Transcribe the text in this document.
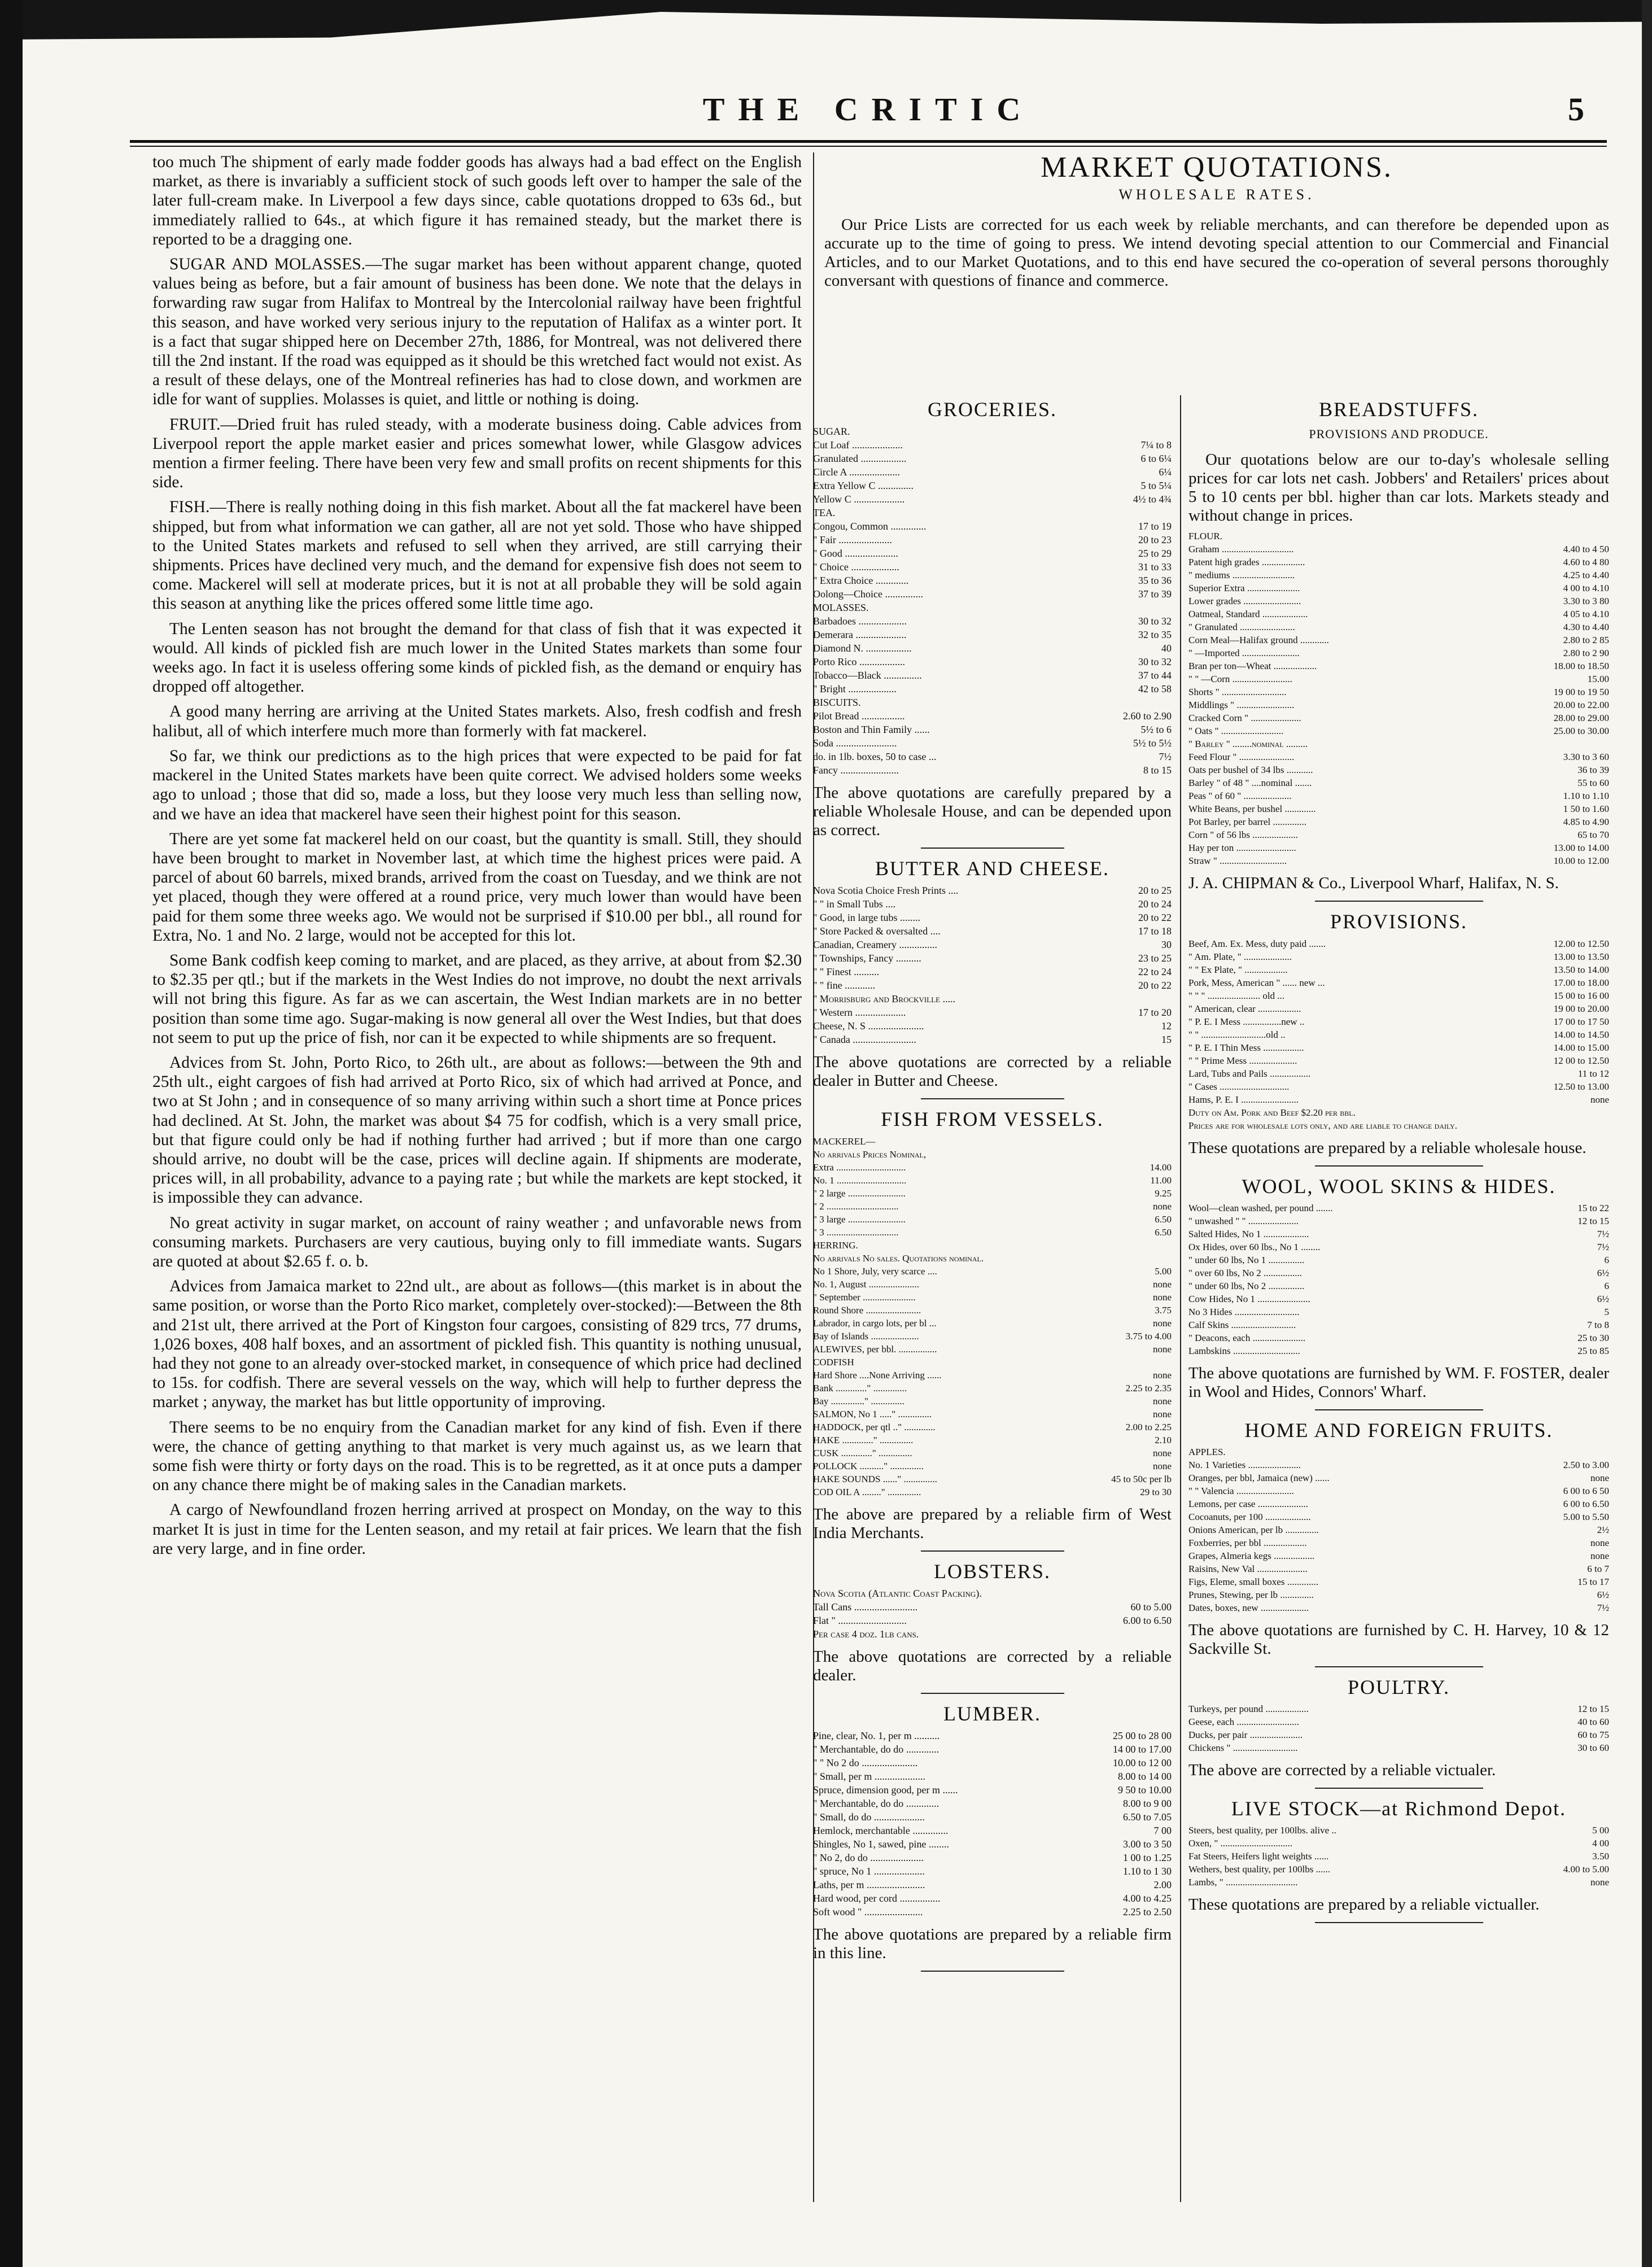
THE CRITIC	5

too much The shipment of early made fodder goods has always had a bad effect on the English market, as there is invariably a sufficient stock of such goods left over to hamper the sale of the later full-cream make. In Liverpool a few days since, cable quotations dropped to 63s 6d., but immediately rallied to 64s., at which figure it has remained steady, but the market there is reported to be a dragging one.

SUGAR AND MOLASSES.—The sugar market has been without apparent change, quoted values being as before, but a fair amount of business has been done. We note that the delays in forwarding raw sugar from Halifax to Montreal by the Intercolonial railway have been frightful this season, and have worked very serious injury to the reputation of Halifax as a winter port. It is a fact that sugar shipped here on December 27th, 1886, for Montreal, was not delivered there till the 2nd instant. If the road was equipped as it should be this wretched fact would not exist. As a result of these delays, one of the Montreal refineries has had to close down, and workmen are idle for want of supplies. Molasses is quiet, and little or nothing is doing.

FRUIT.—Dried fruit has ruled steady, with a moderate business doing. Cable advices from Liverpool report the apple market easier and prices somewhat lower, while Glasgow advices mention a firmer feeling. There have been very few and small profits on recent shipments for this side.

FISH.—There is really nothing doing in this fish market. About all the fat mackerel have been shipped, but from what information we can gather, all are not yet sold. Those who have shipped to the United States markets and refused to sell when they arrived, are still carrying their shipments. Prices have declined very much, and the demand for expensive fish does not seem to come. Mackerel will sell at moderate prices, but it is not at all probable they will be sold again this season at anything like the prices offered some little time ago.

The Lenten season has not brought the demand for that class of fish that it was expected it would. All kinds of pickled fish are much lower in the United States markets than some four weeks ago. In fact it is useless offering some kinds of pickled fish, as the demand or enquiry has dropped off altogether.

A good many herring are arriving at the United States markets. Also, fresh codfish and fresh halibut, all of which interfere much more than formerly with fat mackerel.

So far, we think our predictions as to the high prices that were expected to be paid for fat mackerel in the United States markets have been quite correct. We advised holders some weeks ago to unload ; those that did so, made a loss, but they loose very much less than selling now, and we have an idea that mackerel have seen their highest point for this season.

There are yet some fat mackerel held on our coast, but the quantity is small. Still, they should have been brought to market in November last, at which time the highest prices were paid. A parcel of about 60 barrels, mixed brands, arrived from the coast on Tuesday, and we think are not yet placed, though they were offered at a round price, very much lower than would have been paid for them some three weeks ago. We would not be surprised if $10.00 per bbl., all round for Extra, No. 1 and No. 2 large, would not be accepted for this lot.

Some Bank codfish keep coming to market, and are placed, as they arrive, at about from $2.30 to $2.35 per qtl.; but if the markets in the West Indies do not improve, no doubt the next arrivals will not bring this figure. As far as we can ascertain, the West Indian markets are in no better position than some time ago. Sugar-making is now general all over the West Indies, but that does not seem to put up the price of fish, nor can it be expected to while shipments are so frequent.

Advices from St. John, Porto Rico, to 26th ult., are about as follows:—between the 9th and 25th ult., eight cargoes of fish had arrived at Porto Rico, six of which had arrived at Ponce, and two at St John ; and in consequence of so many arriving within such a short time at Ponce prices had declined. At St. John, the market was about $4 75 for codfish, which is a very small price, but that figure could only be had if nothing further had arrived ; but if more than one cargo should arrive, no doubt will be the case, prices will decline again. If shipments are moderate, prices will, in all probability, advance to a paying rate ; but while the markets are kept stocked, it is impossible they can advance.

No great activity in sugar market, on account of rainy weather ; and unfavorable news from consuming markets. Purchasers are very cautious, buying only to fill immediate wants. Sugars are quoted at about $2.65 f. o. b.

Advices from Jamaica market to 22nd ult., are about as follows—(this market is in about the same position, or worse than the Porto Rico market, completely over-stocked):—Between the 8th and 21st ult, there arrived at the Port of Kingston four cargoes, consisting of 829 trcs, 77 drums, 1,026 boxes, 408 half boxes, and an assortment of pickled fish. This quantity is nothing unusual, had they not gone to an already over-stocked market, in consequence of which price had declined to 15s. for codfish. There are several vessels on the way, which will help to further depress the market ; anyway, the market has but little opportunity of improving.

There seems to be no enquiry from the Canadian market for any kind of fish. Even if there were, the chance of getting anything to that market is very much against us, as we learn that some fish were thirty or forty days on the road. This is to be regretted, as it at once puts a damper on any chance there might be of making sales in the Canadian markets.

A cargo of Newfoundland frozen herring arrived at prospect on Monday, on the way to this market It is just in time for the Lenten season, and my retail at fair prices. We learn that the fish are very large, and in fine order.

MARKET QUOTATIONS.
WHOLESALE RATES.
Our Price Lists are corrected for us each week by reliable merchants, and can therefore be depended upon as accurate up to the time of going to press. We intend devoting special attention to our Commercial and Financial Articles, and to our Market Quotations, and to this end have secured the co-operation of several persons thoroughly conversant with questions of finance and commerce.
GROCERIES.
SUGAR.	
Cut Loaf ....................	7¼ to 8
Granulated ..................	6 to 6¼
Circle A ....................	6¼
Extra Yellow C ..............	5 to 5¼
Yellow C ....................	4½ to 4¾
TEA.	
Congou, Common ..............	17 to 19
" Fair .....................	20 to 23
" Good .....................	25 to 29
" Choice ...................	31 to 33
" Extra Choice .............	35 to 36
Oolong—Choice ...............	37 to 39
MOLASSES.	
Barbadoes ...................	30 to 32
Demerara ....................	32 to 35
Diamond N. ..................	40
Porto Rico ..................	30 to 32
Tobacco—Black ...............	37 to 44
" Bright ...................	42 to 58
BISCUITS.	
Pilot Bread .................	2.60 to 2.90
Boston and Thin Family ......	5½ to 6
Soda ........................	5½ to 5½
do. in 1lb. boxes, 50 to case ...	7½
Fancy .......................	8 to 15
The above quotations are carefully prepared by a reliable Wholesale House, and can be depended upon as correct.
BUTTER AND CHEESE.
Nova Scotia Choice Fresh Prints ....	20 to 25
" " in Small Tubs ....	20 to 24
" Good, in large tubs ........	20 to 22
" Store Packed & oversalted ....	17 to 18
Canadian, Creamery ...............	30
" Townships, Fancy ..........	23 to 25
" " Finest ..........	22 to 24
" " fine ............	20 to 22
" Morrisburg and Brockville .....	
" Western ....................	17 to 20
Cheese, N. S ......................	12
" Canada .........................	15
The above quotations are corrected by a reliable dealer in Butter and Cheese.
FISH FROM VESSELS.
MACKEREL—	
No arrivals Prices Nominal,	
Extra .............................	14.00
No. 1 .............................	11.00
" 2 large ........................	9.25
" 2 ..............................	none
" 3 large ........................	6.50
" 3 ..............................	6.50
HERRING.	
No arrivals No sales. Quotations nominal.	
No 1 Shore, July, very scarce ....	5.00
No. 1, August .....................	none
" September ......................	none
Round Shore .......................	3.75
Labrador, in cargo lots, per bl ...	none
Bay of Islands ....................	3.75 to 4.00
ALEWIVES, per bbl. ................	none
CODFISH	
Hard Shore ....None Arriving ......	none
Bank ............." ..............	2.25 to 2.35
Bay .............." ..............	none
SALMON, No 1 ....." ..............	none
HADDOCK, per qtl .." .............	2.00 to 2.25
HAKE ............." ..............	2.10
CUSK ............." ..............	none
POLLOCK .........." ..............	none
HAKE SOUNDS ......" ..............	45 to 50c per lb
COD OIL A ........" ..............	29 to 30
The above are prepared by a reliable firm of West India Merchants.
LOBSTERS.
Nova Scotia (Atlantic Coast Packing).	
Tall Cans .........................	60 to 5.00
Flat " ...........................	6.00 to 6.50
Per case 4 doz. 1lb cans.	
The above quotations are corrected by a reliable dealer.
LUMBER.
Pine, clear, No. 1, per m ..........	25 00 to 28 00
" Merchantable, do do .............	14 00 to 17.00
" " No 2 do ......................	10.00 to 12 00
" Small, per m ....................	8.00 to 14 00
Spruce, dimension good, per m ......	9 50 to 10.00
" Merchantable, do do .............	8.00 to 9 00
" Small, do do ....................	6.50 to 7.05
Hemlock, merchantable ..............	7 00
Shingles, No 1, sawed, pine ........	3.00 to 3 50
" No 2, do do .....................	1 00 to 1.25
" spruce, No 1 ....................	1.10 to 1 30
Laths, per m .......................	2.00
Hard wood, per cord ................	4.00 to 4.25
Soft wood " .......................	2.25 to 2.50
The above quotations are prepared by a reliable firm in this line.
BREADSTUFFS.
PROVISIONS AND PRODUCE.
Our quotations below are our to-day's wholesale selling prices for car lots net cash. Jobbers' and Retailers' prices about 5 to 10 cents per bbl. higher than car lots. Markets steady and without change in prices.
FLOUR.	
Graham ..............................	4.40 to 4 50
Patent high grades ..................	4.60 to 4 80
" mediums ..........................	4.25 to 4.40
Superior Extra ......................	4 00 to 4.10
Lower grades ........................	3.30 to 3 80
Oatmeal, Standard ...................	4 05 to 4.10
" Granulated .......................	4.30 to 4.40
Corn Meal—Halifax ground ............	2.80 to 2 85
" —Imported ........................	2.80 to 2 90
Bran per ton—Wheat ..................	18.00 to 18.50
" " —Corn .........................	15.00
Shorts " ...........................	19 00 to 19 50
Middlings " ........................	20.00 to 22.00
Cracked Corn " .....................	28.00 to 29.00
" Oats " ..........................	25.00 to 30.00
" Barley " ........nominal .........	
Feed Flour " .......................	3.30 to 3 60
Oats per bushel of 34 lbs ...........	36 to 39
Barley " of 48 " ....nominal .......	55 to 60
Peas " of 60 " ....................	1.10 to 1.10
White Beans, per bushel .............	1 50 to 1.60
Pot Barley, per barrel ..............	4.85 to 4.90
Corn " of 56 lbs ...................	65 to 70
Hay per ton .........................	13.00 to 14.00
Straw " ............................	10.00 to 12.00
J. A. CHIPMAN & Co., Liverpool Wharf, Halifax, N. S.
PROVISIONS.
Beef, Am. Ex. Mess, duty paid .......	12.00 to 12.50
" Am. Plate, " ....................	13.00 to 13.50
" " Ex Plate, " ..................	13.50 to 14.00
Pork, Mess, American " ...... new ...	17.00 to 18.00
" " " ...................... old ...	15 00 to 16 00
" American, clear ..................	19 00 to 20.00
" P. E. I Mess ................new ..	17 00 to 17 50
" " ...........................old ..	14.00 to 14.50
" P. E. I Thin Mess .................	14.00 to 15.00
" " Prime Mess ....................	12 00 to 12.50
Lard, Tubs and Pails .................	11 to 12
" Cases .............................	12.50 to 13.00
Hams, P. E. I ........................	none
Duty on Am. Pork and Beef $2.20 per bbl.	
Prices are for wholesale lots only, and are liable to change daily.	
These quotations are prepared by a reliable wholesale house.
WOOL, WOOL SKINS & HIDES.
Wool—clean washed, per pound .......	15 to 22
" unwashed " " .....................	12 to 15
Salted Hides, No 1 ...................	7½
Ox Hides, over 60 lbs., No 1 ........	7½
" under 60 lbs, No 1 ...............	6
" over 60 lbs, No 2 ................	6½
" under 60 lbs, No 2 ...............	6
Cow Hides, No 1 ......................	6½
No 3 Hides ...........................	5
Calf Skins ...........................	7 to 8
" Deacons, each ......................	25 to 30
Lambskins ............................	25 to 85
The above quotations are furnished by WM. F. FOSTER, dealer in Wool and Hides, Connors' Wharf.
HOME AND FOREIGN FRUITS.
APPLES.	
No. 1 Varieties ......................	2.50 to 3.00
Oranges, per bbl, Jamaica (new) ......	none
" " Valencia ........................	6 00 to 6 50
Lemons, per case .....................	6 00 to 6.50
Cocoanuts, per 100 ...................	5.00 to 5.50
Onions American, per lb ..............	2½
Foxberries, per bbl ..................	none
Grapes, Almeria kegs .................	none
Raisins, New Val .....................	6 to 7
Figs, Eleme, small boxes .............	15 to 17
Prunes, Stewing, per lb ..............	6½
Dates, boxes, new ....................	7½
The above quotations are furnished by C. H. Harvey, 10 & 12 Sackville St.
POULTRY.
Turkeys, per pound ..................	12 to 15
Geese, each ..........................	40 to 60
Ducks, per pair ......................	60 to 75
Chickens " ...........................	30 to 60
The above are corrected by a reliable victualer.
LIVE STOCK—at Richmond Depot.
Steers, best quality, per 100lbs. alive ..	5 00
Oxen, " ..............................	4 00
Fat Steers, Heifers light weights ......	3.50
Wethers, best quality, per 100lbs ......	4.00 to 5.00
Lambs, " ..............................	none
These quotations are prepared by a reliable victualler.
